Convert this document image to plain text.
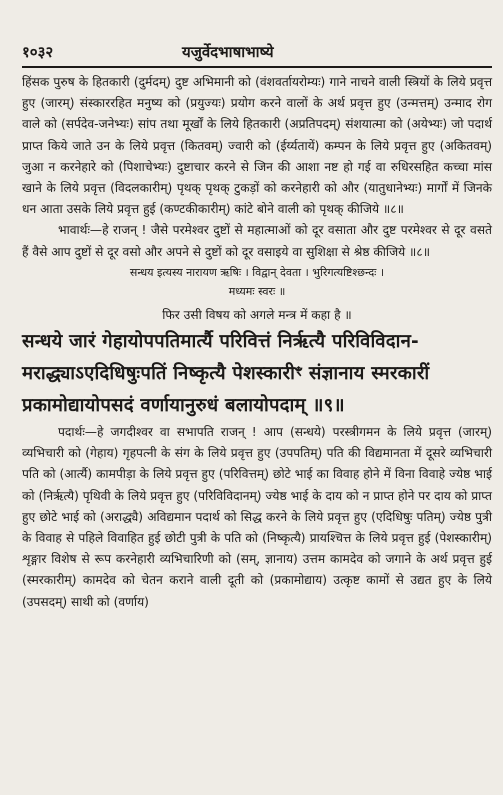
१०३२	यजुर्वेदभाषाभाष्ये

हिंसक पुरुष के हितकारी (दुर्मदम्) दुष्ट अभिमानी को (वंशवर्तायरोम्यः) गाने नाचने वाली स्त्रियों के लिये प्रवृत्त हुए (जारम्) संस्काररहित मनुष्य को (प्रयुज्यः) प्रयोग करने वालों के अर्थ प्रवृत्त हुए (उन्मत्तम्) उन्माद रोग वाले को (सर्पदेव-जनेभ्यः) सांप तथा मूर्खों के लिये हितकारी (अप्रतिपदम्) संशयात्मा को (अयेभ्यः) जो पदार्थ प्राप्त किये जाते उन के लिये प्रवृत्त (कितवम्) ज्वारी को (ईर्य्यतायें) कम्पन के लिये प्रवृत्त हुए (अकितवम्) जुआ न करनेहारे को (पिशाचेभ्यः) दुष्टाचार करने से जिन की आशा नष्ट हो गई वा रुधिरसहित कच्चा मांस खाने के लिये प्रवृत्त (विदलकारीम्) पृथक् पृथक् टुकड़ों को करनेहारी को और (यातुधानेभ्यः) मार्गों में जिनके धन आता उसके लिये प्रवृत्त हुई (कण्टकीकारीम्) कांटे बोने वाली को पृथक् कीजिये ॥८॥

भावार्थः—हे राजन् ! जैसे परमेश्वर दुष्टों से महात्माओं को दूर वसाता और दुष्ट परमेश्वर से दूर वसते हैं वैसे आप दुष्टों से दूर वसो और अपने से दुष्टों को दूर वसाइये वा सुशिक्षा से श्रेष्ठ कीजिये ॥८॥

सन्धय इत्यस्य नारायण ऋषिः । विद्वान् देवता । भुरिगत्यष्टिश्छन्दः ।

मध्यमः स्वरः ॥

फिर उसी विषय को अगले मन्त्र में कहा है ॥

सन्धये जारं गेहायोपपतिमार्त्यै परिवित्तं निर्ऋत्यै परिविविदान-

मराद्ध्याऽएदिधिषुःपतिं निष्कृत्यै पेशस्कारीꣳ संज्ञानाय स्मरकारीं

प्रकामोद्यायोपसदं वर्णायानुरुधं बलायोपदाम् ॥९॥

पदार्थः—हे जगदीश्वर वा सभापति राजन् ! आप (सन्धये) परस्त्रीगमन के लिये प्रवृत्त (जारम्) व्यभिचारी को (गेहाय) गृहपत्नी के संग के लिये प्रवृत्त हुए (उपपतिम्) पति की विद्यमानता में दूसरे व्यभिचारी पति को (आर्त्यै) कामपीड़ा के लिये प्रवृत्त हुए (परिवित्तम्) छोटे भाई का विवाह होने में विना विवाहे ज्येष्ठ भाई को (निर्ऋत्यै) पृथिवी के लिये प्रवृत्त हुए (परिविविदानम्) ज्येष्ठ भाई के दाय को न प्राप्त होने पर दाय को प्राप्त हुए छोटे भाई को (अराद्ध्यै) अविद्यमान पदार्थ को सिद्ध करने के लिये प्रवृत्त हुए (एदिधिषुः पतिम्) ज्येष्ठ पुत्री के विवाह से पहिले विवाहित हुई छोटी पुत्री के पति को (निष्कृत्यै) प्रायश्चित्त के लिये प्रवृत्त हुई (पेशस्कारीम्) शृङ्गार विशेष से रूप करनेहारी व्यभिचारिणी को (सम्, ज्ञानाय) उत्तम कामदेव को जगाने के अर्थ प्रवृत्त हुई (स्मरकारीम्) कामदेव को चेतन कराने वाली दूती को (प्रकामोद्याय) उत्कृष्ट कामों से उद्यत हुए के लिये (उपसदम्) साथी को (वर्णाय)
